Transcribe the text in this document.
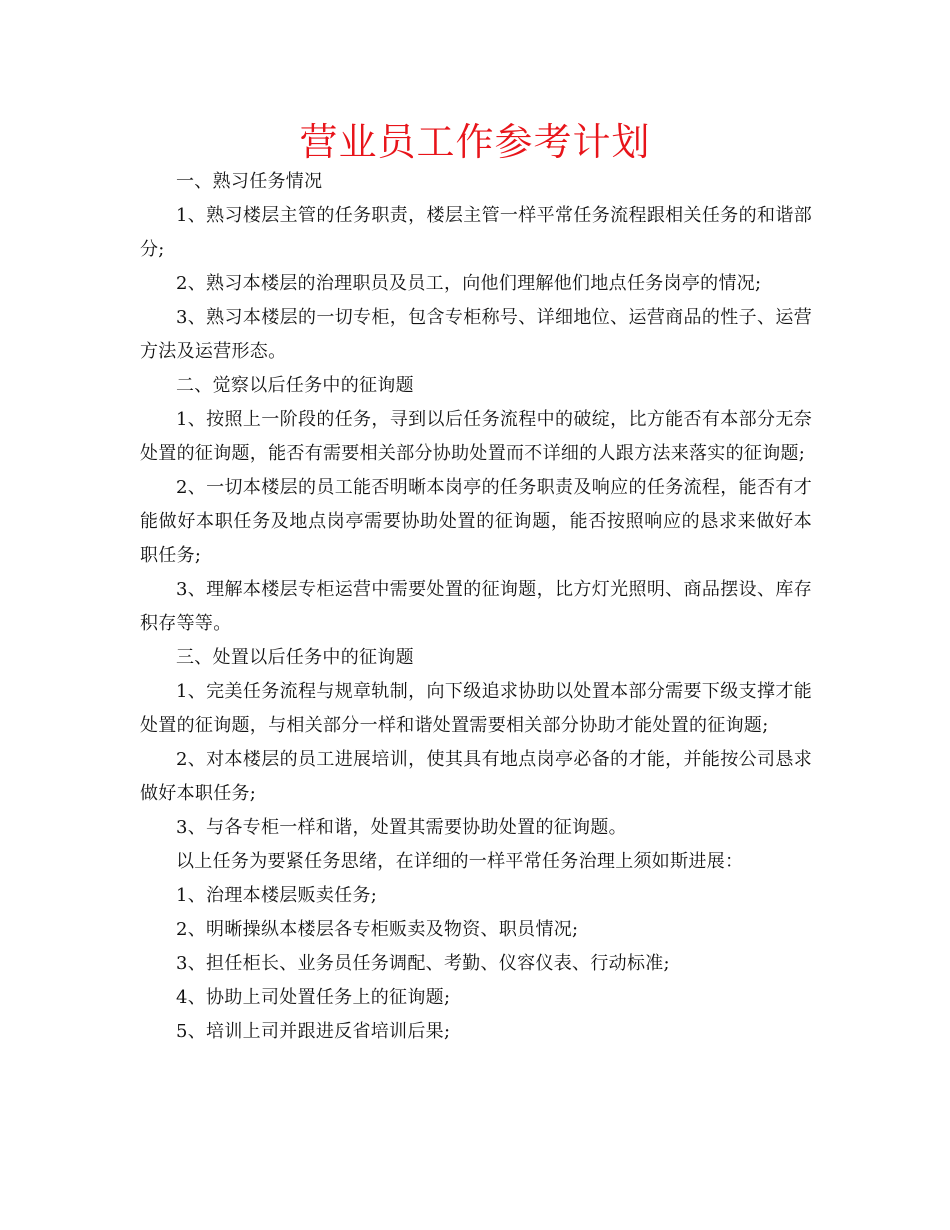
营业员工作参考计划

一、熟习任务情况

1、熟习楼层主管的任务职责，楼层主管一样平常任务流程跟相关任务的和谐部分;

2、熟习本楼层的治理职员及员工，向他们理解他们地点任务岗亭的情况;

3、熟习本楼层的一切专柜，包含专柜称号、详细地位、运营商品的性子、运营方法及运营形态。

二、觉察以后任务中的征询题

1、按照上一阶段的任务，寻到以后任务流程中的破绽，比方能否有本部分无奈处置的征询题，能否有需要相关部分协助处置而不详细的人跟方法来落实的征询题;

2、一切本楼层的员工能否明晰本岗亭的任务职责及响应的任务流程，能否有才能做好本职任务及地点岗亭需要协助处置的征询题，能否按照响应的恳求来做好本职任务;

3、理解本楼层专柜运营中需要处置的征询题，比方灯光照明、商品摆设、库存积存等等。

三、处置以后任务中的征询题

1、完美任务流程与规章轨制，向下级追求协助以处置本部分需要下级支撑才能处置的征询题，与相关部分一样和谐处置需要相关部分协助才能处置的征询题;

2、对本楼层的员工进展培训，使其具有地点岗亭必备的才能，并能按公司恳求做好本职任务;

3、与各专柜一样和谐，处置其需要协助处置的征询题。

以上任务为要紧任务思绪，在详细的一样平常任务治理上须如斯进展：

1、治理本楼层贩卖任务;

2、明晰操纵本楼层各专柜贩卖及物资、职员情况;

3、担任柜长、业务员任务调配、考勤、仪容仪表、行动标准;

4、协助上司处置任务上的征询题;

5、培训上司并跟进反省培训后果;
